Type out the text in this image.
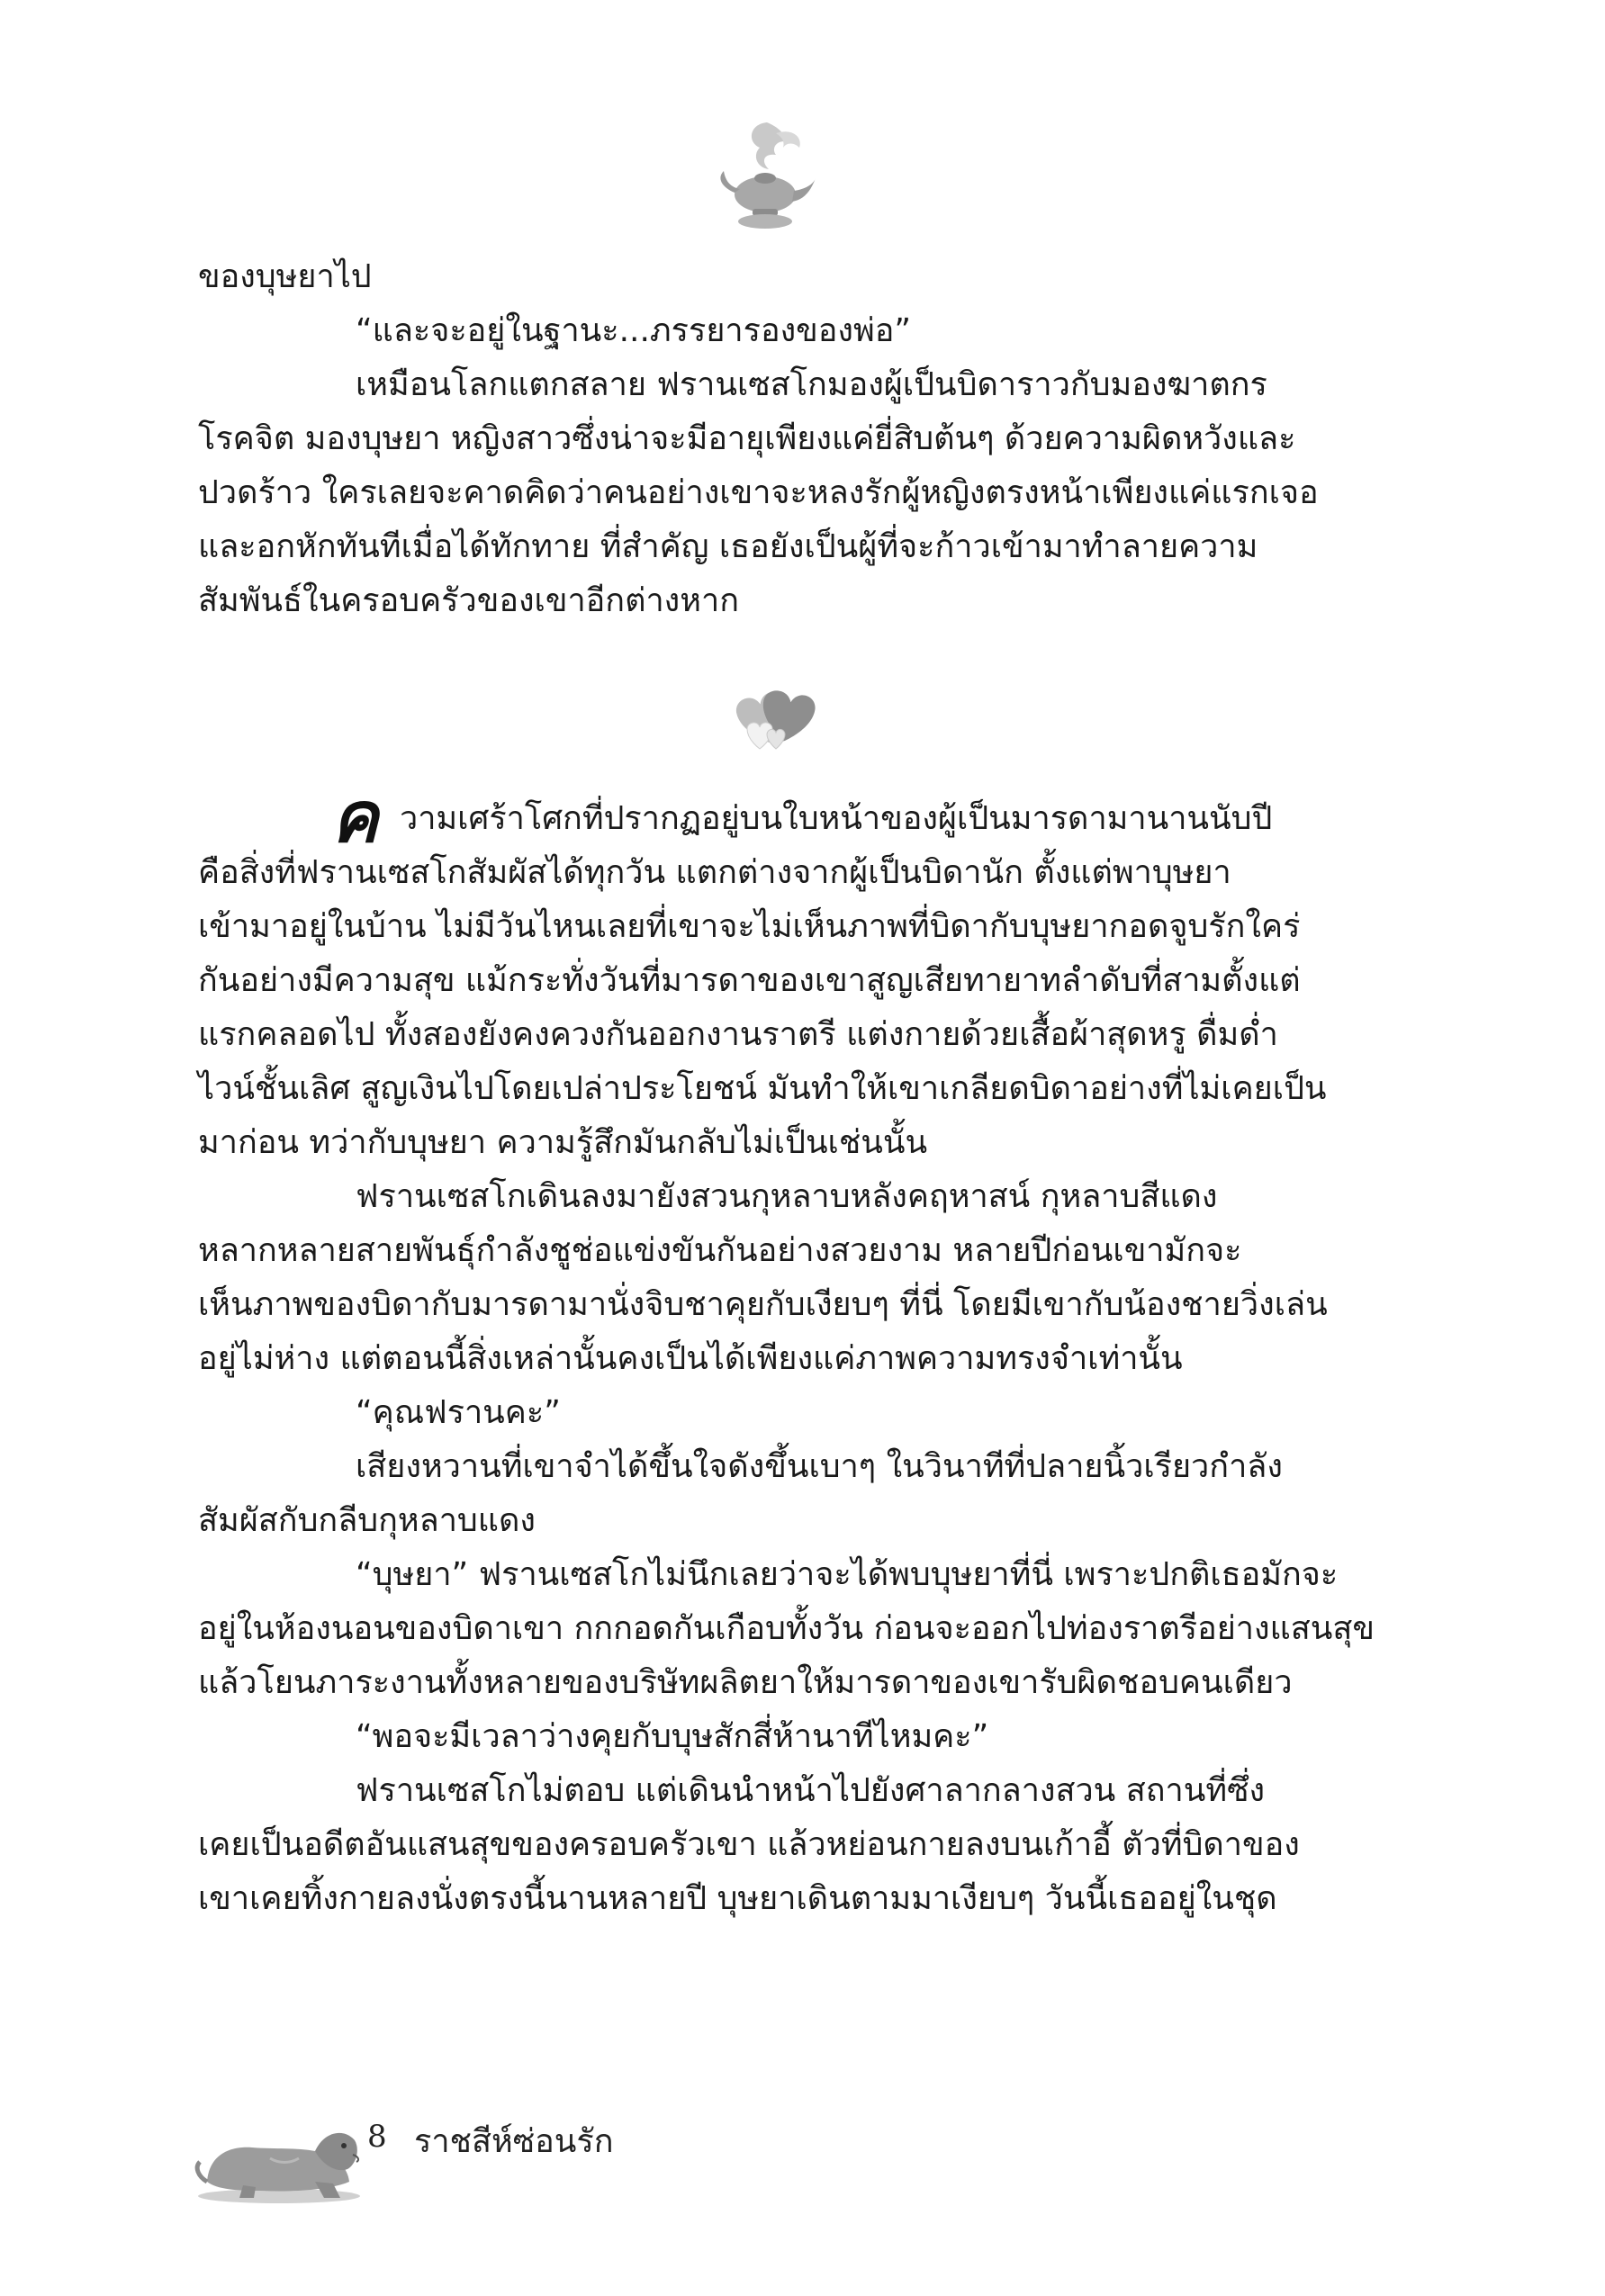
ของบุษยาไป

“และจะอยู่ในฐานะ...ภรรยารองของพ่อ”

เหมือนโลกแตกสลาย ฟรานเซสโกมองผู้เป็นบิดาราวกับมองฆาตกร

โรคจิต มองบุษยา หญิงสาวซึ่งน่าจะมีอายุเพียงแค่ยี่สิบต้นๆ ด้วยความผิดหวังและ

ปวดร้าว ใครเลยจะคาดคิดว่าคนอย่างเขาจะหลงรักผู้หญิงตรงหน้าเพียงแค่แรกเจอ

และอกหักทันทีเมื่อได้ทักทาย ที่สำคัญ เธอยังเป็นผู้ที่จะก้าวเข้ามาทำลายความ

สัมพันธ์ในครอบครัวของเขาอีกต่างหาก

ค วามเศร้าโศกที่ปรากฏอยู่บนใบหน้าของผู้เป็นมารดามานานนับปี

คือสิ่งที่ฟรานเซสโกสัมผัสได้ทุกวัน แตกต่างจากผู้เป็นบิดานัก ตั้งแต่พาบุษยา

เข้ามาอยู่ในบ้าน ไม่มีวันไหนเลยที่เขาจะไม่เห็นภาพที่บิดากับบุษยากอดจูบรักใคร่

กันอย่างมีความสุข แม้กระทั่งวันที่มารดาของเขาสูญเสียทายาทลำดับที่สามตั้งแต่

แรกคลอดไป ทั้งสองยังคงควงกันออกงานราตรี แต่งกายด้วยเสื้อผ้าสุดหรู ดื่มด่ำ

ไวน์ชั้นเลิศ สูญเงินไปโดยเปล่าประโยชน์ มันทำให้เขาเกลียดบิดาอย่างที่ไม่เคยเป็น

มาก่อน ทว่ากับบุษยา ความรู้สึกมันกลับไม่เป็นเช่นนั้น

ฟรานเซสโกเดินลงมายังสวนกุหลาบหลังคฤหาสน์ กุหลาบสีแดง

หลากหลายสายพันธุ์กำลังชูช่อแข่งขันกันอย่างสวยงาม หลายปีก่อนเขามักจะ

เห็นภาพของบิดากับมารดามานั่งจิบชาคุยกับเงียบๆ ที่นี่ โดยมีเขากับน้องชายวิ่งเล่น

อยู่ไม่ห่าง แต่ตอนนี้สิ่งเหล่านั้นคงเป็นได้เพียงแค่ภาพความทรงจำเท่านั้น

“คุณฟรานคะ”

เสียงหวานที่เขาจำได้ขึ้นใจดังขึ้นเบาๆ ในวินาทีที่ปลายนิ้วเรียวกำลัง

สัมผัสกับกลีบกุหลาบแดง

“บุษยา” ฟรานเซสโกไม่นึกเลยว่าจะได้พบบุษยาที่นี่ เพราะปกติเธอมักจะ

อยู่ในห้องนอนของบิดาเขา กกกอดกันเกือบทั้งวัน ก่อนจะออกไปท่องราตรีอย่างแสนสุข

แล้วโยนภาระงานทั้งหลายของบริษัทผลิตยาให้มารดาของเขารับผิดชอบคนเดียว

“พอจะมีเวลาว่างคุยกับบุษสักสี่ห้านาทีไหมคะ”

ฟรานเซสโกไม่ตอบ แต่เดินนำหน้าไปยังศาลากลางสวน สถานที่ซึ่ง

เคยเป็นอดีตอันแสนสุขของครอบครัวเขา แล้วหย่อนกายลงบนเก้าอี้ ตัวที่บิดาของ

เขาเคยทิ้งกายลงนั่งตรงนี้นานหลายปี บุษยาเดินตามมาเงียบๆ วันนี้เธออยู่ในชุด

8 ราชสีห์ซ่อนรัก
